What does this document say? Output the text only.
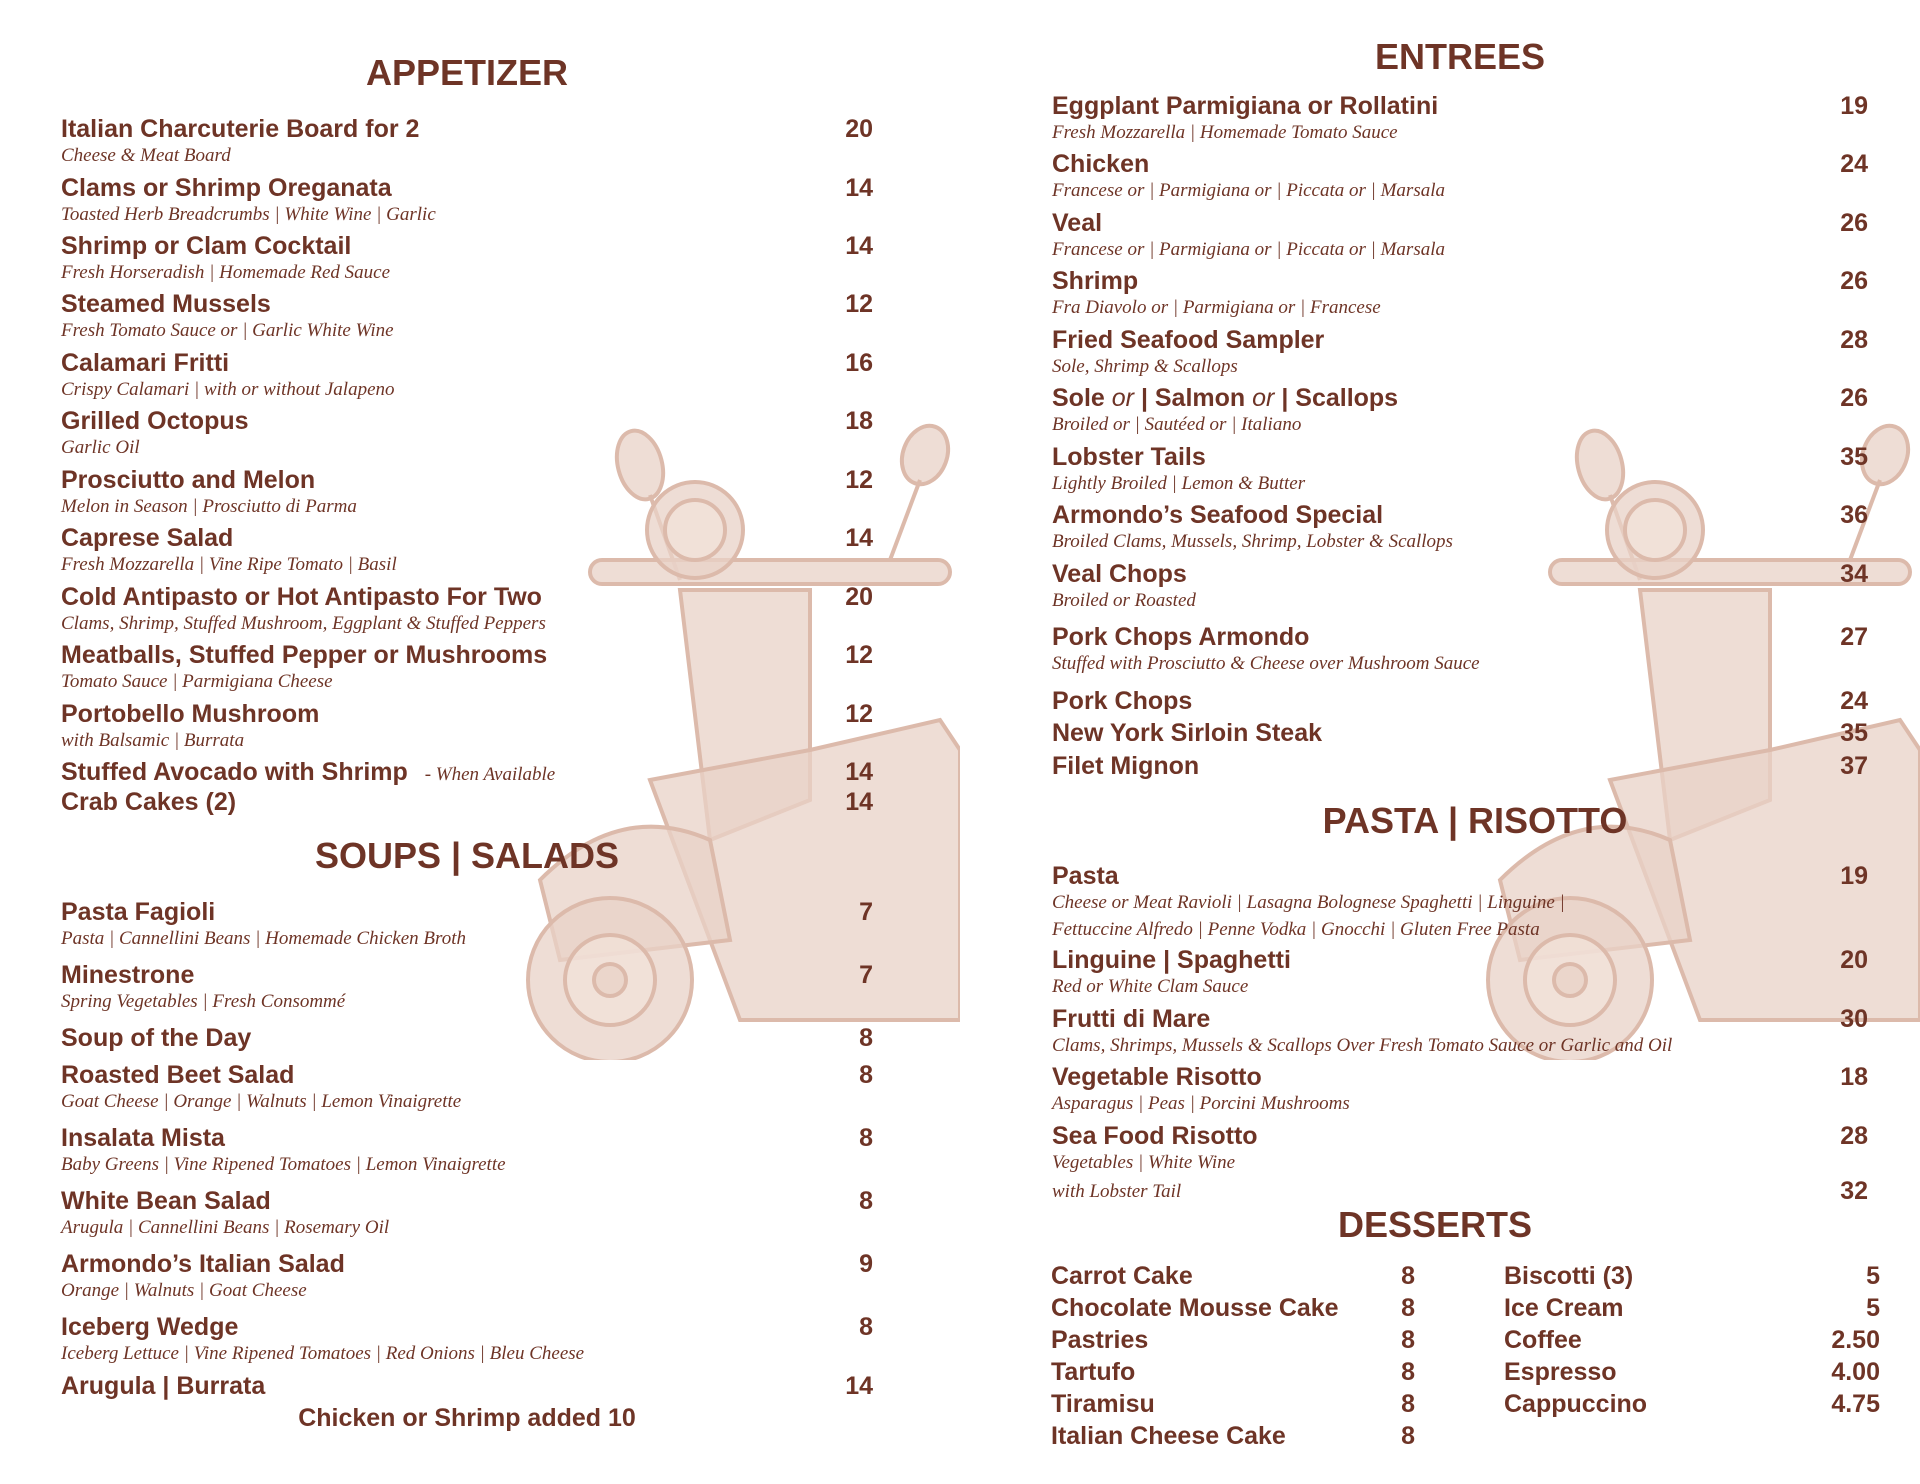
APPETIZER
Italian Charcuterie Board for 2	20
Cheese & Meat Board
Clams or Shrimp Oreganata	14
Toasted Herb Breadcrumbs | White Wine | Garlic
Shrimp or Clam Cocktail	14
Fresh Horseradish | Homemade Red Sauce
Steamed Mussels	12
Fresh Tomato Sauce or | Garlic White Wine
Calamari Fritti	16
Crispy Calamari | with or without Jalapeno
Grilled Octopus	18
Garlic Oil
Prosciutto and Melon	12
Melon in Season | Prosciutto di Parma
Caprese Salad	14
Fresh Mozzarella | Vine Ripe Tomato | Basil
Cold Antipasto or Hot Antipasto For Two	20
Clams, Shrimp, Stuffed Mushroom, Eggplant & Stuffed Peppers
Meatballs, Stuffed Pepper or Mushrooms	12
Tomato Sauce | Parmigiana Cheese
Portobello Mushroom	12
with Balsamic | Burrata
Stuffed Avocado with Shrimp - When Available	14
Crab Cakes (2)	14
SOUPS | SALADS
Pasta Fagioli	7
Pasta | Cannellini Beans | Homemade Chicken Broth
Minestrone	7
Spring Vegetables | Fresh Consommé
Soup of the Day	8
Roasted Beet Salad	8
Goat Cheese | Orange | Walnuts | Lemon Vinaigrette
Insalata Mista	8
Baby Greens | Vine Ripened Tomatoes | Lemon Vinaigrette
White Bean Salad	8
Arugula | Cannellini Beans | Rosemary Oil
Armondo’s Italian Salad	9
Orange | Walnuts | Goat Cheese
Iceberg Wedge	8
Iceberg Lettuce | Vine Ripened Tomatoes | Red Onions | Bleu Cheese
Arugula | Burrata	14
Chicken or Shrimp added 10
ENTREES
Eggplant Parmigiana or Rollatini	19
Fresh Mozzarella | Homemade Tomato Sauce
Chicken	24
Francese or | Parmigiana or | Piccata or | Marsala
Veal	26
Francese or | Parmigiana or | Piccata or | Marsala
Shrimp	26
Fra Diavolo or | Parmigiana or | Francese
Fried Seafood Sampler	28
Sole, Shrimp & Scallops
Sole or | Salmon or | Scallops	26
Broiled or | Sautéed or | Italiano
Lobster Tails	35
Lightly Broiled | Lemon & Butter
Armondo’s Seafood Special	36
Broiled Clams, Mussels, Shrimp, Lobster & Scallops
Veal Chops	34
Broiled or Roasted
Pork Chops Armondo	27
Stuffed with Prosciutto & Cheese over Mushroom Sauce
Pork Chops	24
New York Sirloin Steak	35
Filet Mignon	37
PASTA | RISOTTO
Pasta	19
Cheese or Meat Ravioli | Lasagna Bolognese Spaghetti | Linguine |
Fettuccine Alfredo | Penne Vodka | Gnocchi | Gluten Free Pasta
Linguine | Spaghetti	20
Red or White Clam Sauce
Frutti di Mare	30
Clams, Shrimps, Mussels & Scallops Over Fresh Tomato Sauce or Garlic and Oil
Vegetable Risotto	18
Asparagus | Peas | Porcini Mushrooms
Sea Food Risotto	28
Vegetables | White Wine
with Lobster Tail	32
DESSERTS
Carrot Cake	8
Chocolate Mousse Cake	8
Pastries	8
Tartufo	8
Tiramisu	8
Italian Cheese Cake	8
Biscotti (3)	5
Ice Cream	5
Coffee	2.50
Espresso	4.00
Cappuccino	4.75
